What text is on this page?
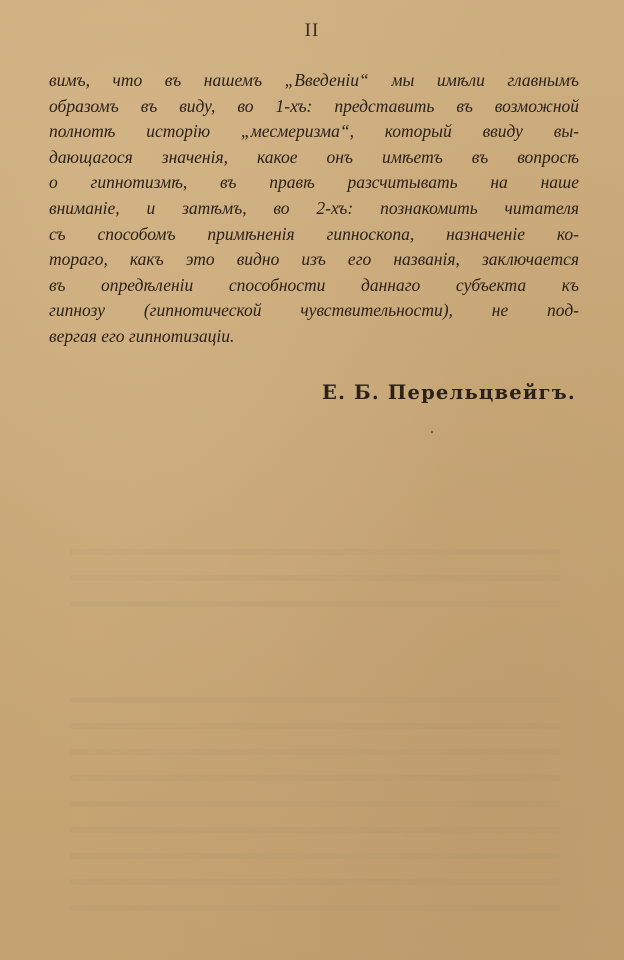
II
вимъ, что въ нашемъ „Введеніи“ мы имѣли главнымъ
образомъ въ виду, во 1-хъ: представить въ возможной
полнотѣ исторію „месмеризма“, который ввиду вы-
дающагося значенія, какое онъ имѣетъ въ вопросѣ
о гипнотизмѣ, въ правѣ разсчитывать на наше
вниманіе, и затѣмъ, во 2-хъ: познакомить читателя
съ способомъ примѣненія гипноскопа, назначеніе ко-
тораго, какъ это видно изъ его названія, заключается
въ опредѣленіи способности даннаго субъекта къ
гипнозу (гипнотической чувствительности), не под-
вергая его гипнотизаціи.
Е. Б. Перельцвейгъ.
